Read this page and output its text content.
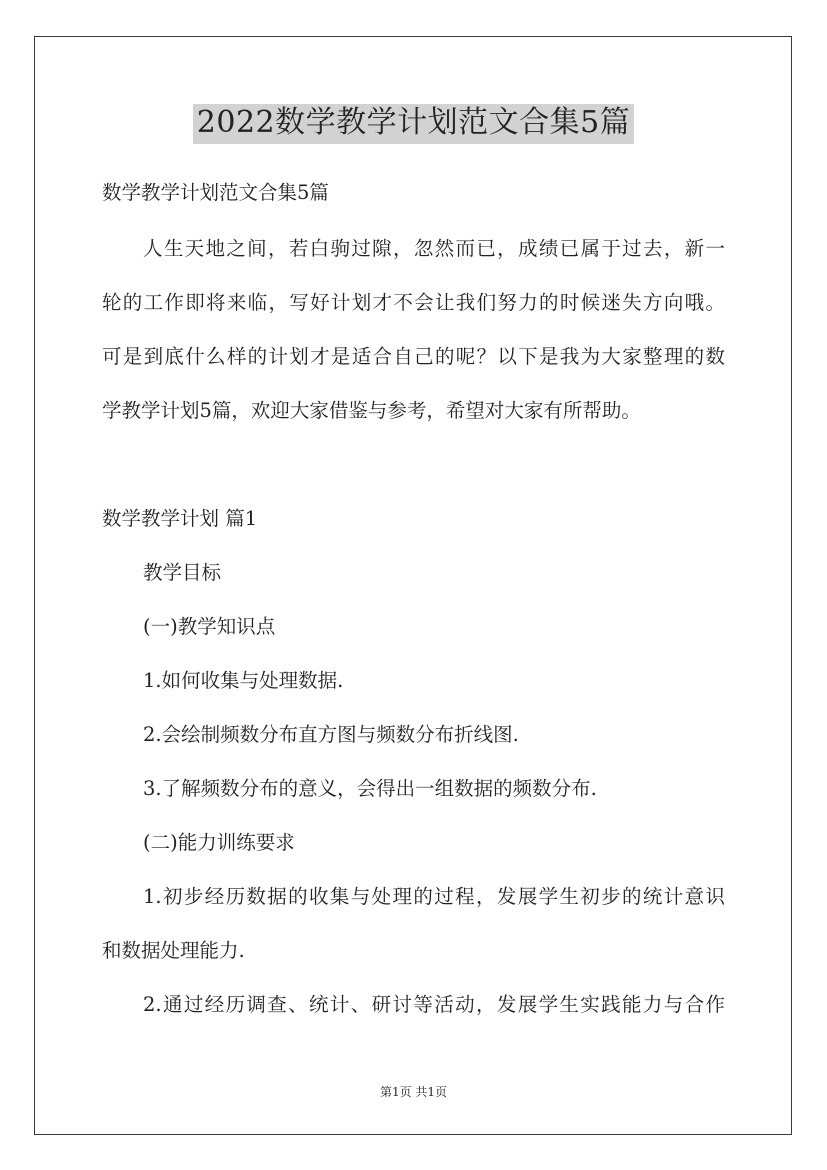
2022数学教学计划范文合集5篇
数学教学计划范文合集5篇
人生天地之间，若白驹过隙，忽然而已，成绩已属于过去，新一
轮的工作即将来临，写好计划才不会让我们努力的时候迷失方向哦。
可是到底什么样的计划才是适合自己的呢？以下是我为大家整理的数
学教学计划5篇，欢迎大家借鉴与参考，希望对大家有所帮助。
数学教学计划 篇1
教学目标
(一)教学知识点
1.如何收集与处理数据.
2.会绘制频数分布直方图与频数分布折线图.
3.了解频数分布的意义，会得出一组数据的频数分布.
(二)能力训练要求
1.初步经历数据的收集与处理的过程，发展学生初步的统计意识
和数据处理能力.
2.通过经历调查、统计、研讨等活动，发展学生实践能力与合作
第1页 共1页
